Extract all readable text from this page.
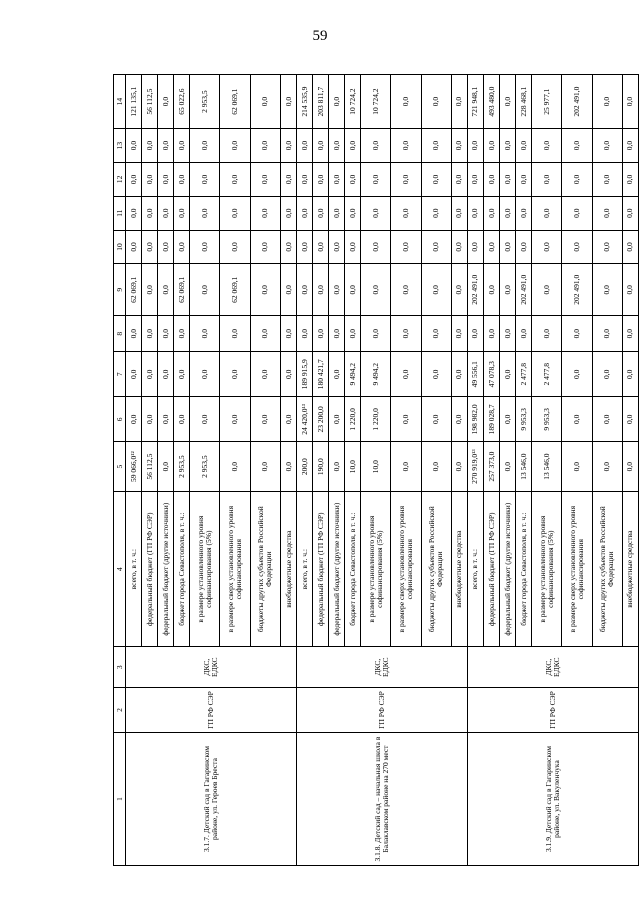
59
1	2	3	4	5	6	7	8	9	10	11	12	13	14
3.1.7. Детский сад в Гагаринском районе, ул. Героев Бреста	ГП РФ СЭР	ДКС, ЕДКС	всего, в т. ч.:	59 066,0¹²	0,0	0,0	0,0	62 069,1	0,0	0,0	0,0	0,0	121 135,1
			федеральный бюджет (ГП РФ СЭР)	56 112,5	0,0	0,0	0,0	0,0	0,0	0,0	0,0	0,0	56 112,5
			федеральный бюджет (другие источники)	0,0	0,0	0,0	0,0	0,0	0,0	0,0	0,0	0,0	0,0
			бюджет города Севастополя, в т. ч.:	2 953,5	0,0	0,0	0,0	62 069,1	0,0	0,0	0,0	0,0	65 022,6
			в размере установленного уровня софинансирования (5%)	2 953,5	0,0	0,0	0,0	0,0	0,0	0,0	0,0	0,0	2 953,5
			в размере сверх установленного уровня софинансирования	0,0	0,0	0,0	0,0	62 069,1	0,0	0,0	0,0	0,0	62 069,1
			бюджеты других субъектов Российской Федерации	0,0	0,0	0,0	0,0	0,0	0,0	0,0	0,0	0,0	0,0
			внебюджетные средства	0,0	0,0	0,0	0,0	0,0	0,0	0,0	0,0	0,0	0,0
3.1.8. Детский сад – начальная школа в Балаклавском районе на 270 мест	ГП РФ СЭР	ДКС, ЕДКС	всего, в т. ч.:	200,0	24 420,0¹³	189 915,9	0,0	0,0	0,0	0,0	0,0	0,0	214 535,9
			федеральный бюджет (ГП РФ СЭР)	190,0	23 200,0	180 421,7	0,0	0,0	0,0	0,0	0,0	0,0	203 811,7
			федеральный бюджет (другие источники)	0,0	0,0	0,0	0,0	0,0	0,0	0,0	0,0	0,0	0,0
			бюджет города Севастополя, в т. ч.:	10,0	1 220,0	9 494,2	0,0	0,0	0,0	0,0	0,0	0,0	10 724,2
			в размере установленного уровня софинансирования (5%)	10,0	1 220,0	9 494,2	0,0	0,0	0,0	0,0	0,0	0,0	10 724,2
			в размере сверх установленного уровня софинансирования	0,0	0,0	0,0	0,0	0,0	0,0	0,0	0,0	0,0	0,0
			бюджеты других субъектов Российской Федерации	0,0	0,0	0,0	0,0	0,0	0,0	0,0	0,0	0,0	0,0
			внебюджетные средства	0,0	0,0	0,0	0,0	0,0	0,0	0,0	0,0	0,0	0,0
3.1.9. Детский сад в Гагаринском районе, ул. Вакуленчука	ГП РФ СЭР	ДКС, ЕДКС	всего, в т. ч.:	270 919,0¹³	198 982,0	49 556,1	0,0	202 491,0	0,0	0,0	0,0	0,0	721 948,1
			федеральный бюджет (ГП РФ СЭР)	257 373,0	189 028,7	47 078,3	0,0	0,0	0,0	0,0	0,0	0,0	493 480,0
			федеральный бюджет (другие источники)	0,0	0,0	0,0	0,0	0,0	0,0	0,0	0,0	0,0	0,0
			бюджет города Севастополя, в т. ч.:	13 546,0	9 953,3	2 477,8	0,0	202 491,0	0,0	0,0	0,0	0,0	228 468,1
			в размере установленного уровня софинансирования (5%)	13 546,0	9 953,3	2 477,8	0,0	0,0	0,0	0,0	0,0	0,0	25 977,1
			в размере сверх установленного уровня софинансирования	0,0	0,0	0,0	0,0	202 491,0	0,0	0,0	0,0	0,0	202 491,0
			бюджеты других субъектов Российской Федерации	0,0	0,0	0,0	0,0	0,0	0,0	0,0	0,0	0,0	0,0
			внебюджетные средства	0,0	0,0	0,0	0,0	0,0	0,0	0,0	0,0	0,0	0,0
